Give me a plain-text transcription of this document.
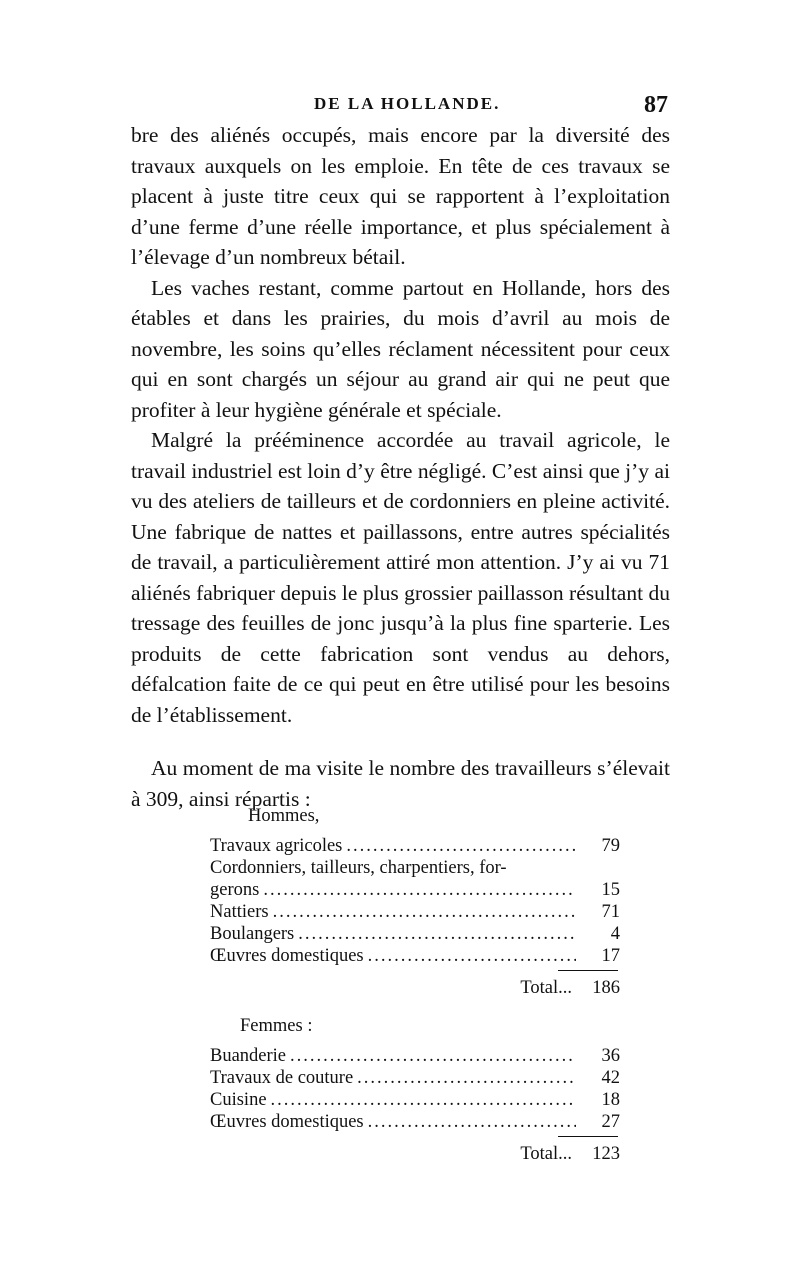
DE LA HOLLANDE.	87

bre des aliénés occupés, mais encore par la diversité des travaux auxquels on les emploie. En tête de ces travaux se placent à juste titre ceux qui se rapportent à l’exploitation d’une ferme d’une réelle importance, et plus spécialement à l’élevage d’un nombreux bétail.

Les vaches restant, comme partout en Hollande, hors des étables et dans les prairies, du mois d’avril au mois de novembre, les soins qu’elles réclament nécessitent pour ceux qui en sont chargés un séjour au grand air qui ne peut que profiter à leur hygiène générale et spéciale.

Malgré la prééminence accordée au travail agricole, le travail industriel est loin d’y être négligé. C’est ainsi que j’y ai vu des ateliers de tailleurs et de cordonniers en pleine activité. Une fabrique de nattes et paillassons, entre autres spécialités de travail, a particulièrement attiré mon attention. J’y ai vu 71 aliénés fabriquer depuis le plus grossier paillasson résultant du tressage des feuilles de jonc jusqu’à la plus fine sparterie. Les produits de cette fabrication sont vendus au dehors, défalcation faite de ce qui peut en être utilisé pour les besoins de l’établissement.

Au moment de ma visite le nombre des travailleurs s’élevait à 309, ainsi répartis :

Hommes,
Travaux agricoles .....	79
Cordonniers, tailleurs, charpentiers, for-
gerons .....	15
Nattiers .....	71
Boulangers .....	4
Œuvres domestiques .....	17
Total...	186
Femmes :
Buanderie .....	36
Travaux de couture .....	42
Cuisine .....	18
Œuvres domestiques .....	27
Total...	123
